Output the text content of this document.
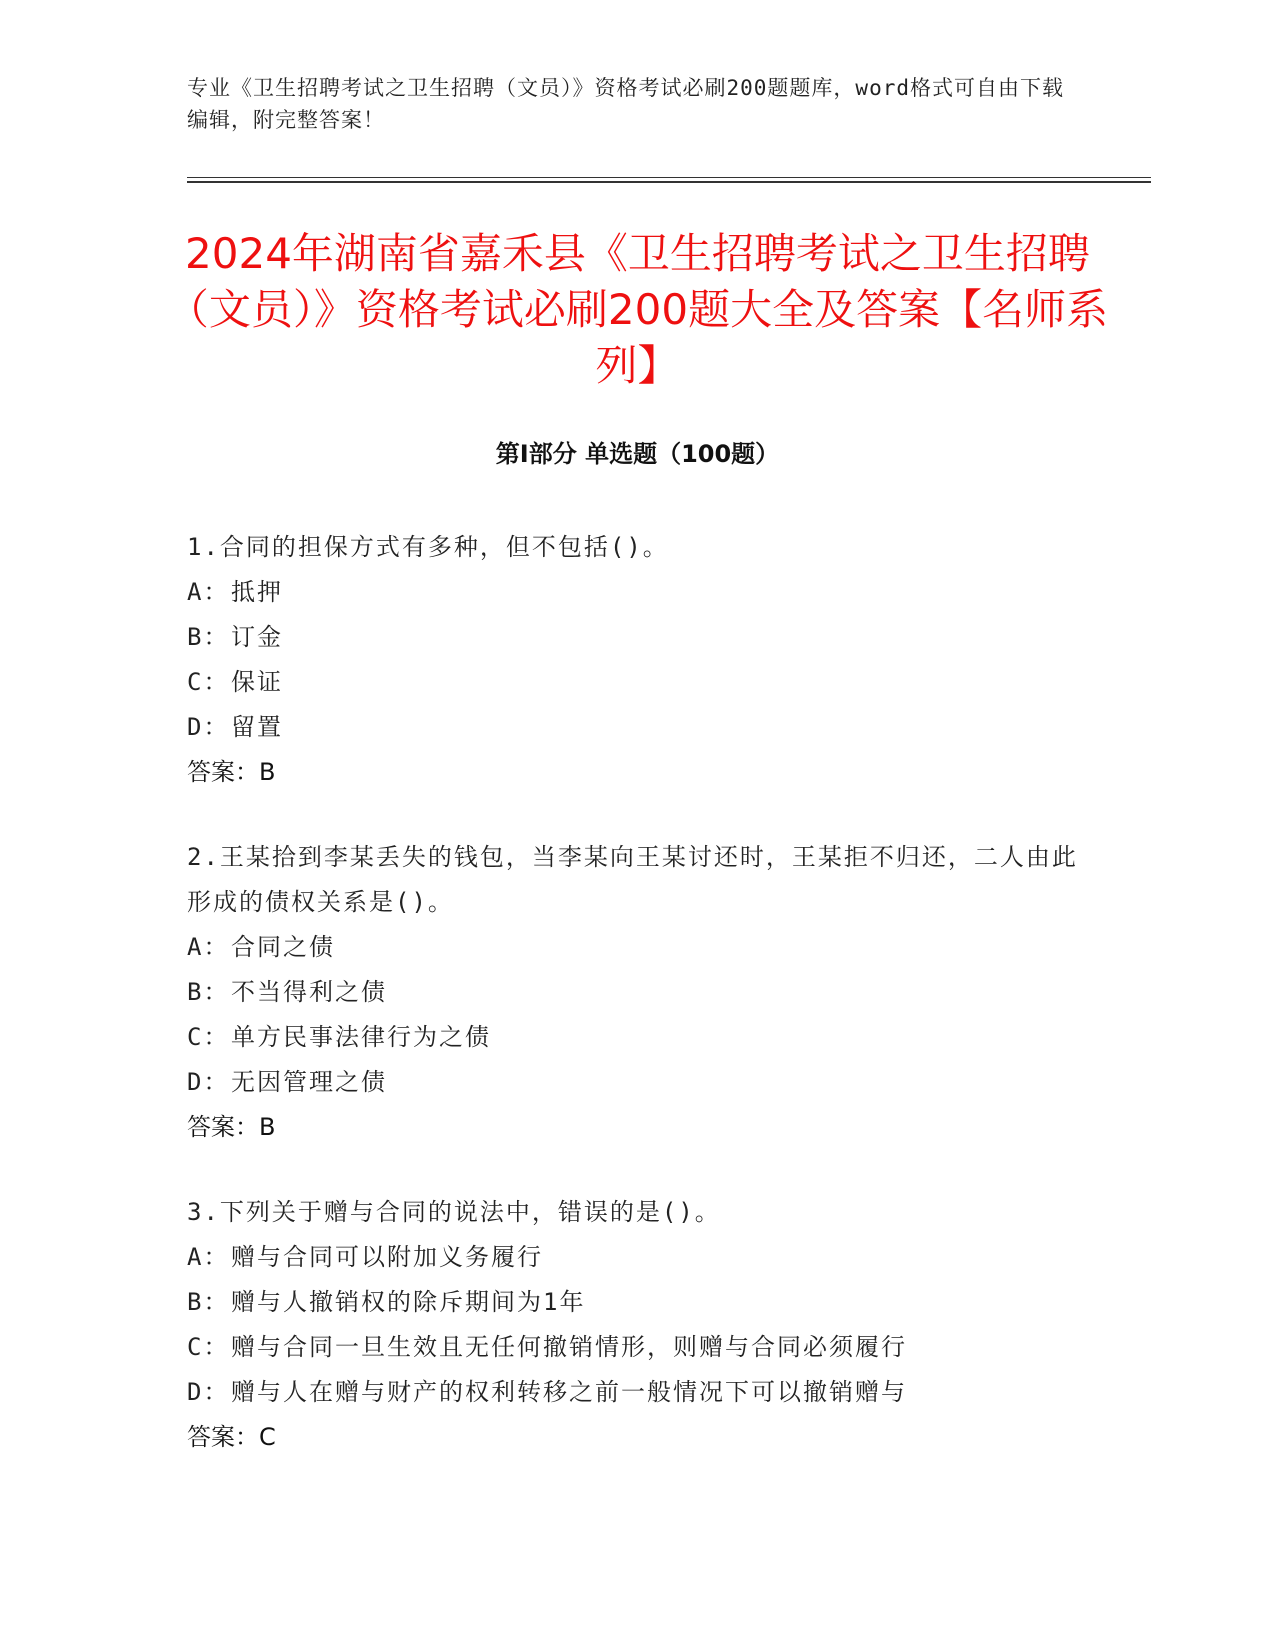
专业《卫生招聘考试之卫生招聘（文员）》资格考试必刷200题题库，word格式可自由下载编辑，附完整答案！
2024年湖南省嘉禾县《卫生招聘考试之卫生招聘（文员）》资格考试必刷200题大全及答案【名师系列】
第Ⅰ部分 单选题（100题）
1.合同的担保方式有多种，但不包括()。
A：抵押
B：订金
C：保证
D：留置
答案：B
2.王某拾到李某丢失的钱包，当李某向王某讨还时，王某拒不归还，二人由此形成的债权关系是()。
A：合同之债
B：不当得利之债
C：单方民事法律行为之债
D：无因管理之债
答案：B
3.下列关于赠与合同的说法中，错误的是()。
A：赠与合同可以附加义务履行
B：赠与人撤销权的除斥期间为1年
C：赠与合同一旦生效且无任何撤销情形，则赠与合同必须履行
D：赠与人在赠与财产的权利转移之前一般情况下可以撤销赠与
答案：C
